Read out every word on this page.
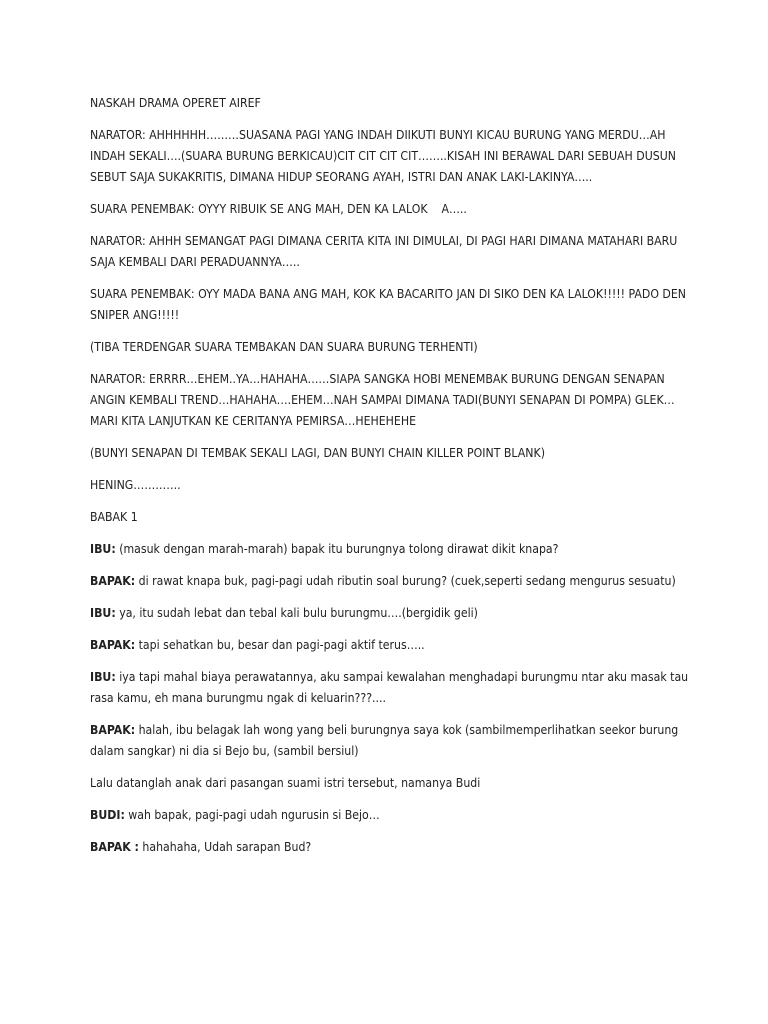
NASKAH DRAMA OPERET AIREF

NARATOR: AHHHHHH………SUASANA PAGI YANG INDAH DIIKUTI BUNYI KICAU BURUNG YANG MERDU…AH INDAH SEKALI….(SUARA BURUNG BERKICAU)CIT CIT CIT CIT……..KISAH INI BERAWAL DARI SEBUAH DUSUN SEBUT SAJA SUKAKRITIS, DIMANA HIDUP SEORANG AYAH, ISTRI DAN ANAK LAKI-LAKINYA…..

SUARA PENEMBAK: OYYY RIBUIK SE ANG MAH, DEN KA LALOK    A…..

NARATOR: AHHH SEMANGAT PAGI DIMANA CERITA KITA INI DIMULAI, DI PAGI HARI DIMANA MATAHARI BARU SAJA KEMBALI DARI PERADUANNYA…..

SUARA PENEMBAK: OYY MADA BANA ANG MAH, KOK KA BACARITO JAN DI SIKO DEN KA LALOK!!!!! PADO DEN SNIPER ANG!!!!!

(TIBA TERDENGAR SUARA TEMBAKAN DAN SUARA BURUNG TERHENTI)

NARATOR: ERRRR…EHEM..YA…HAHAHA……SIAPA SANGKA HOBI MENEMBAK BURUNG DENGAN SENAPAN ANGIN KEMBALI TREND…HAHAHA….EHEM…NAH SAMPAI DIMANA TADI(BUNYI SENAPAN DI POMPA) GLEK…MARI KITA LANJUTKAN KE CERITANYA PEMIRSA…HEHEHEHE

(BUNYI SENAPAN DI TEMBAK SEKALI LAGI, DAN BUNYI CHAIN KILLER POINT BLANK)

HENING………….

BABAK 1

IBU: (masuk dengan marah-marah) bapak itu burungnya tolong dirawat dikit knapa?

BAPAK: di rawat knapa buk, pagi-pagi udah ributin soal burung? (cuek,seperti sedang mengurus sesuatu)

IBU: ya, itu sudah lebat dan tebal kali bulu burungmu….(bergidik geli)

BAPAK: tapi sehatkan bu, besar dan pagi-pagi aktif terus…..

IBU: iya tapi mahal biaya perawatannya, aku sampai kewalahan menghadapi burungmu ntar aku masak tau rasa kamu, eh mana burungmu ngak di keluarin???....

BAPAK: halah, ibu belagak lah wong yang beli burungnya saya kok (sambilmemperlihatkan seekor burung dalam sangkar) ni dia si Bejo bu, (sambil bersiul)

Lalu datanglah anak dari pasangan suami istri tersebut, namanya Budi

BUDI: wah bapak, pagi-pagi udah ngurusin si Bejo…

BAPAK : hahahaha, Udah sarapan Bud?
